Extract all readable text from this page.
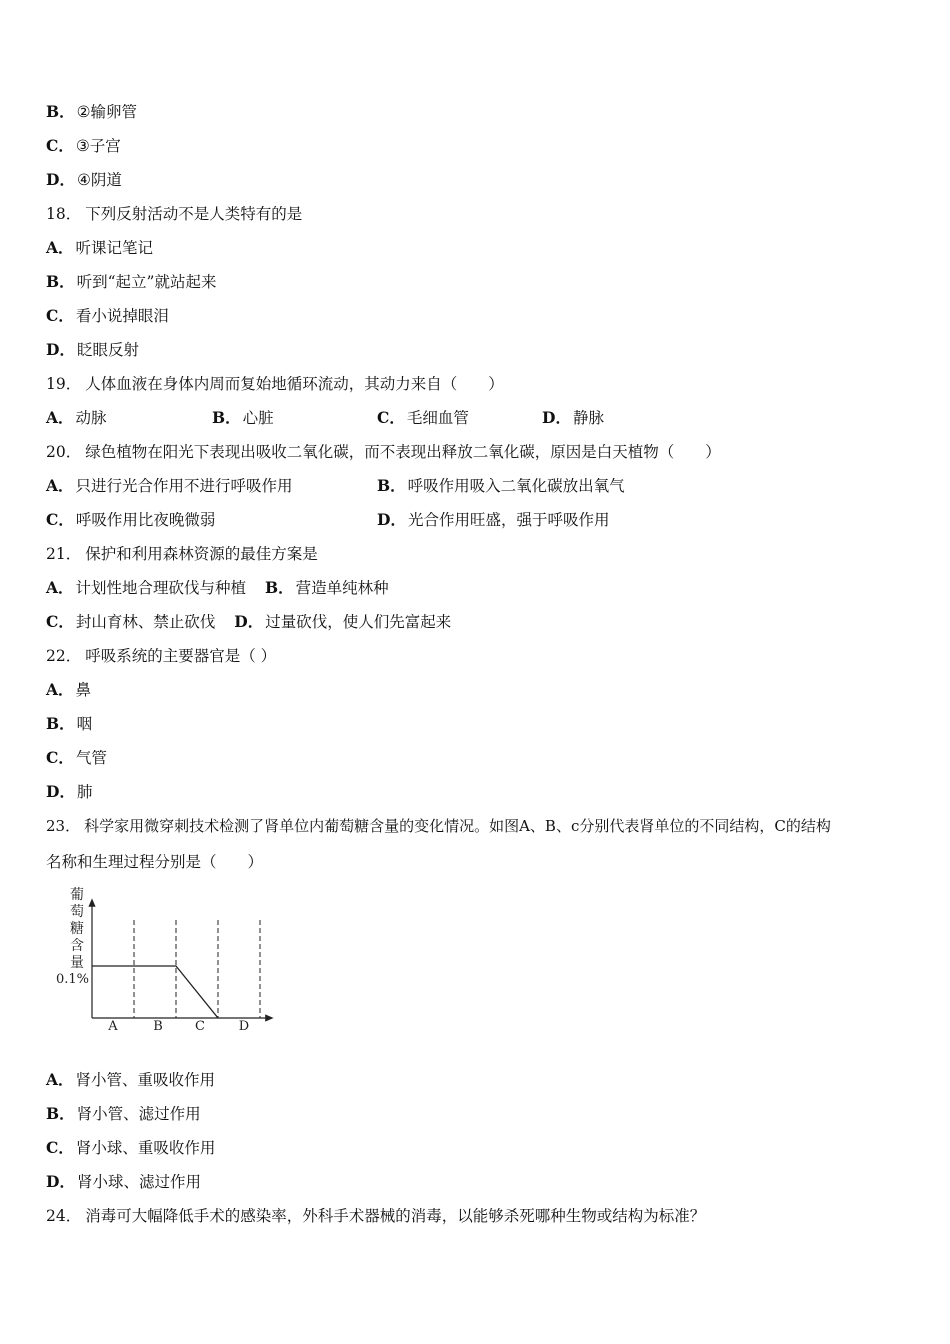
B． ②输卵管
C． ③子宫
D． ④阴道
18． 下列反射活动不是人类特有的是
A． 听课记笔记
B． 听到“起立”就站起来
C． 看小说掉眼泪
D． 眨眼反射
19． 人体血液在身体内周而复始地循环流动，其动力来自（　　）
A． 动脉	B． 心脏	C． 毛细血管	D． 静脉
20． 绿色植物在阳光下表现出吸收二氧化碳，而不表现出释放二氧化碳，原因是白天植物（　　）
A． 只进行光合作用不进行呼吸作用	B． 呼吸作用吸入二氧化碳放出氧气
C． 呼吸作用比夜晚微弱	D． 光合作用旺盛，强于呼吸作用
21． 保护和利用森林资源的最佳方案是
A． 计划性地合理砍伐与种植 B． 营造单纯林种
C． 封山育林、禁止砍伐 D． 过量砍伐，使人们先富起来
22． 呼吸系统的主要器官是（ ）
A． 鼻
B． 咽
C． 气管
D． 肺
23． 科学家用微穿刺技术检测了肾单位内葡萄糖含量的变化情况。如图A、B、c分别代表肾单位的不同结构，C的结构
名称和生理过程分别是（　　）
葡
萄
糖
含
量
0.1%
A	B C	D
A． 肾小管、重吸收作用
B． 肾小管、滤过作用
C． 肾小球、重吸收作用
D． 肾小球、滤过作用
24． 消毒可大幅降低手术的感染率，外科手术器械的消毒，以能够杀死哪种生物或结构为标准？
